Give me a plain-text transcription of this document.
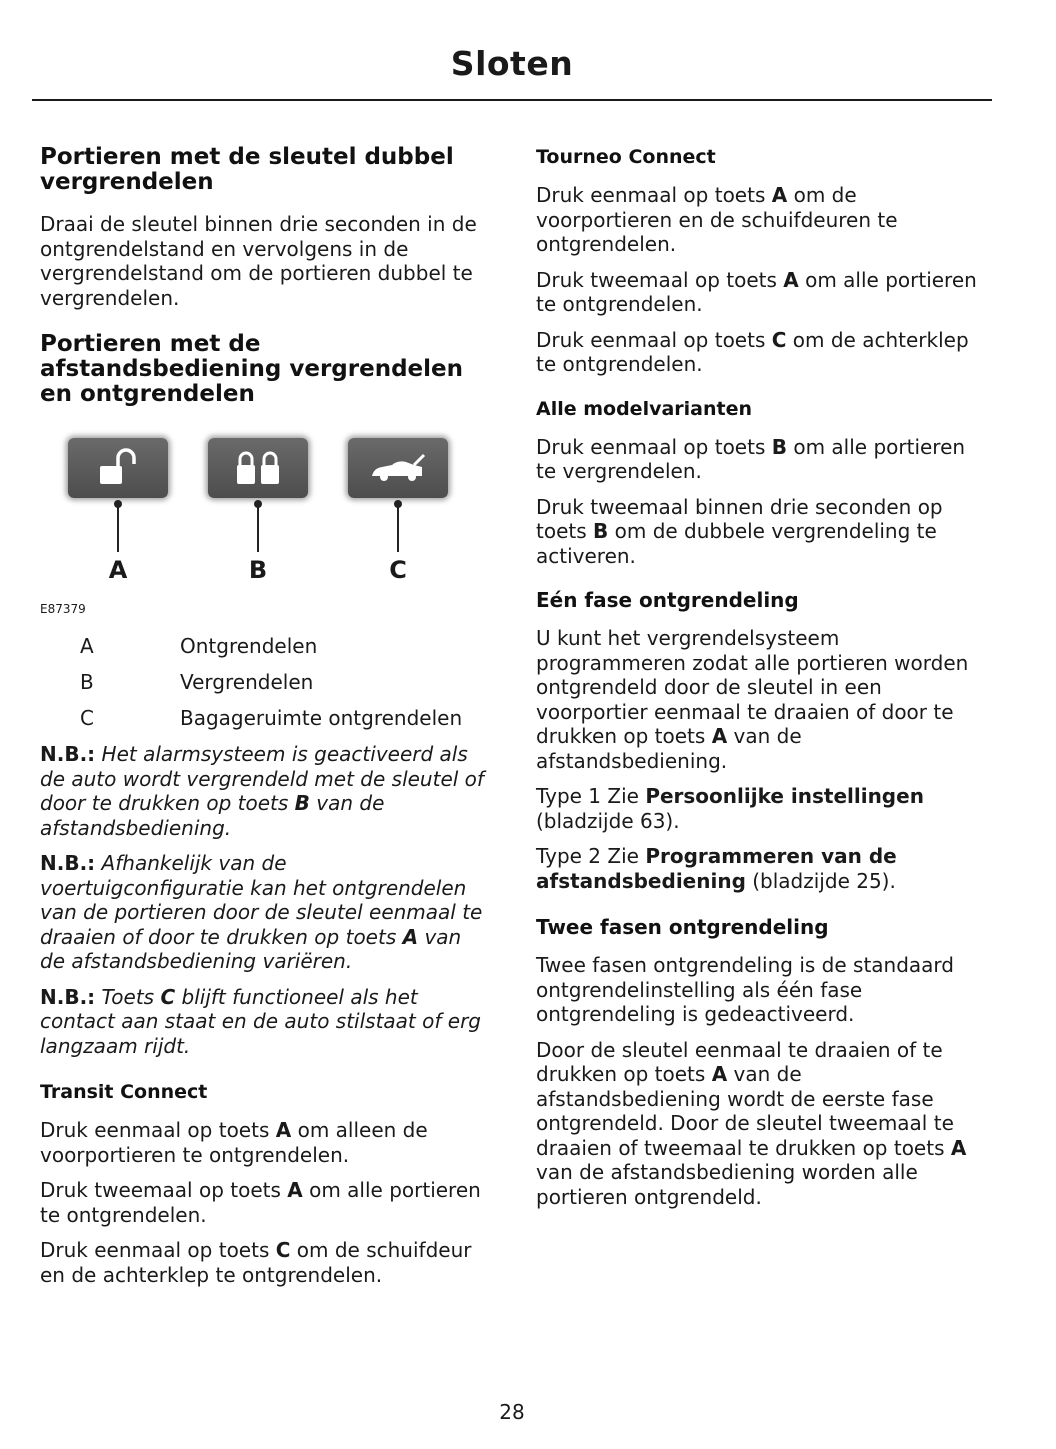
Sloten
Portieren met de sleutel dubbel vergrendelen

Draai de sleutel binnen drie seconden in de ontgrendelstand en vervolgens in de vergrendelstand om de portieren dubbel te vergrendelen.

Portieren met de afstandsbediening vergrendelen en ontgrendelen
A	B	C
E87379
A	Ontgrendelen
B	Vergrendelen
C	Bagageruimte ontgrendelen

N.B.: Het alarmsysteem is geactiveerd als de auto wordt vergrendeld met de sleutel of door te drukken op toets B van de afstandsbediening.

N.B.: Afhankelijk van de voertuigconfiguratie kan het ontgrendelen van de portieren door de sleutel eenmaal te draaien of door te drukken op toets A van de afstandsbediening variëren.

N.B.: Toets C blijft functioneel als het contact aan staat en de auto stilstaat of erg langzaam rijdt.

Transit Connect

Druk eenmaal op toets A om alleen de voorportieren te ontgrendelen.

Druk tweemaal op toets A om alle portieren te ontgrendelen.

Druk eenmaal op toets C om de schuifdeur en de achterklep te ontgrendelen.

Tourneo Connect

Druk eenmaal op toets A om de voorportieren en de schuifdeuren te ontgrendelen.

Druk tweemaal op toets A om alle portieren te ontgrendelen.

Druk eenmaal op toets C om de achterklep te ontgrendelen.

Alle modelvarianten

Druk eenmaal op toets B om alle portieren te vergrendelen.

Druk tweemaal binnen drie seconden op toets B om de dubbele vergrendeling te activeren.

Eén fase ontgrendeling

U kunt het vergrendelsysteem programmeren zodat alle portieren worden ontgrendeld door de sleutel in een voorportier eenmaal te draaien of door te drukken op toets A van de afstandsbediening.

Type 1 Zie Persoonlijke instellingen (bladzijde 63).

Type 2 Zie Programmeren van de afstandsbediening (bladzijde 25).

Twee fasen ontgrendeling

Twee fasen ontgrendeling is de standaard ontgrendelinstelling als één fase ontgrendeling is gedeactiveerd.

Door de sleutel eenmaal te draaien of te drukken op toets A van de afstandsbediening wordt de eerste fase ontgrendeld. Door de sleutel tweemaal te draaien of tweemaal te drukken op toets A van de afstandsbediening worden alle portieren ontgrendeld.

28
